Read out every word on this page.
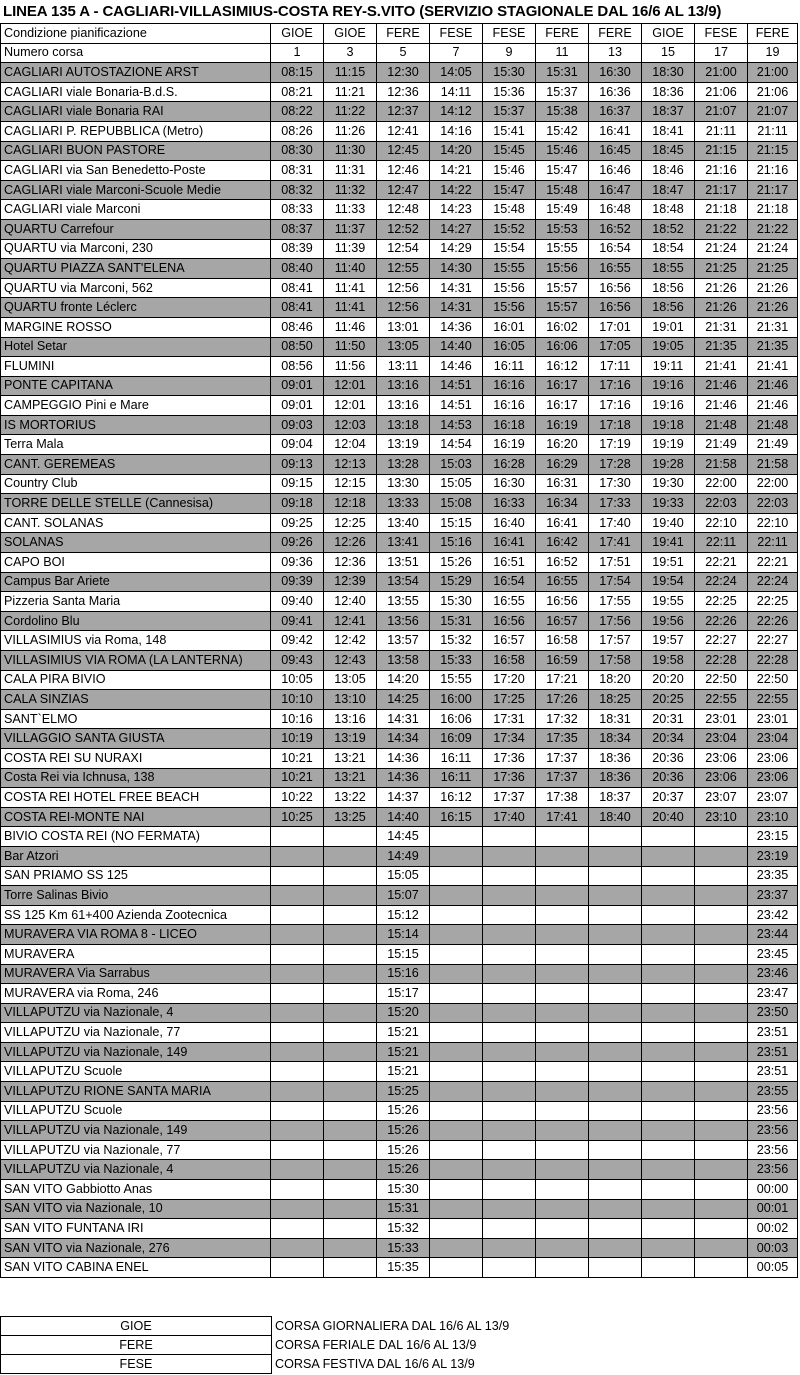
LINEA 135 A - CAGLIARI-VILLASIMIUS-COSTA REY-S.VITO (SERVIZIO STAGIONALE DAL 16/6 AL 13/9)
Condizione pianificazione	GIOE	GIOE	FERE	FESE	FESE	FERE	FERE	GIOE	FESE	FERE
Numero corsa	1	3	5	7	9	11	13	15	17	19
CAGLIARI AUTOSTAZIONE ARST	08:15	11:15	12:30	14:05	15:30	15:31	16:30	18:30	21:00	21:00
CAGLIARI viale Bonaria-B.d.S.	08:21	11:21	12:36	14:11	15:36	15:37	16:36	18:36	21:06	21:06
CAGLIARI viale Bonaria RAI	08:22	11:22	12:37	14:12	15:37	15:38	16:37	18:37	21:07	21:07
CAGLIARI P. REPUBBLICA (Metro)	08:26	11:26	12:41	14:16	15:41	15:42	16:41	18:41	21:11	21:11
CAGLIARI BUON PASTORE	08:30	11:30	12:45	14:20	15:45	15:46	16:45	18:45	21:15	21:15
CAGLIARI via San Benedetto-Poste	08:31	11:31	12:46	14:21	15:46	15:47	16:46	18:46	21:16	21:16
CAGLIARI viale Marconi-Scuole Medie	08:32	11:32	12:47	14:22	15:47	15:48	16:47	18:47	21:17	21:17
CAGLIARI viale Marconi	08:33	11:33	12:48	14:23	15:48	15:49	16:48	18:48	21:18	21:18
QUARTU Carrefour	08:37	11:37	12:52	14:27	15:52	15:53	16:52	18:52	21:22	21:22
QUARTU via Marconi, 230	08:39	11:39	12:54	14:29	15:54	15:55	16:54	18:54	21:24	21:24
QUARTU PIAZZA SANT'ELENA	08:40	11:40	12:55	14:30	15:55	15:56	16:55	18:55	21:25	21:25
QUARTU via Marconi, 562	08:41	11:41	12:56	14:31	15:56	15:57	16:56	18:56	21:26	21:26
QUARTU fronte Léclerc	08:41	11:41	12:56	14:31	15:56	15:57	16:56	18:56	21:26	21:26
MARGINE ROSSO	08:46	11:46	13:01	14:36	16:01	16:02	17:01	19:01	21:31	21:31
Hotel Setar	08:50	11:50	13:05	14:40	16:05	16:06	17:05	19:05	21:35	21:35
FLUMINI	08:56	11:56	13:11	14:46	16:11	16:12	17:11	19:11	21:41	21:41
PONTE CAPITANA	09:01	12:01	13:16	14:51	16:16	16:17	17:16	19:16	21:46	21:46
CAMPEGGIO Pini e Mare	09:01	12:01	13:16	14:51	16:16	16:17	17:16	19:16	21:46	21:46
IS MORTORIUS	09:03	12:03	13:18	14:53	16:18	16:19	17:18	19:18	21:48	21:48
Terra Mala	09:04	12:04	13:19	14:54	16:19	16:20	17:19	19:19	21:49	21:49
CANT. GEREMEAS	09:13	12:13	13:28	15:03	16:28	16:29	17:28	19:28	21:58	21:58
Country Club	09:15	12:15	13:30	15:05	16:30	16:31	17:30	19:30	22:00	22:00
TORRE DELLE STELLE (Cannesisa)	09:18	12:18	13:33	15:08	16:33	16:34	17:33	19:33	22:03	22:03
CANT. SOLANAS	09:25	12:25	13:40	15:15	16:40	16:41	17:40	19:40	22:10	22:10
SOLANAS	09:26	12:26	13:41	15:16	16:41	16:42	17:41	19:41	22:11	22:11
CAPO BOI	09:36	12:36	13:51	15:26	16:51	16:52	17:51	19:51	22:21	22:21
Campus Bar Ariete	09:39	12:39	13:54	15:29	16:54	16:55	17:54	19:54	22:24	22:24
Pizzeria Santa Maria	09:40	12:40	13:55	15:30	16:55	16:56	17:55	19:55	22:25	22:25
Cordolino Blu	09:41	12:41	13:56	15:31	16:56	16:57	17:56	19:56	22:26	22:26
VILLASIMIUS via Roma, 148	09:42	12:42	13:57	15:32	16:57	16:58	17:57	19:57	22:27	22:27
VILLASIMIUS VIA ROMA (LA LANTERNA)	09:43	12:43	13:58	15:33	16:58	16:59	17:58	19:58	22:28	22:28
CALA PIRA BIVIO	10:05	13:05	14:20	15:55	17:20	17:21	18:20	20:20	22:50	22:50
CALA SINZIAS	10:10	13:10	14:25	16:00	17:25	17:26	18:25	20:25	22:55	22:55
SANT`ELMO	10:16	13:16	14:31	16:06	17:31	17:32	18:31	20:31	23:01	23:01
VILLAGGIO SANTA GIUSTA	10:19	13:19	14:34	16:09	17:34	17:35	18:34	20:34	23:04	23:04
COSTA REI SU NURAXI	10:21	13:21	14:36	16:11	17:36	17:37	18:36	20:36	23:06	23:06
Costa Rei via Ichnusa, 138	10:21	13:21	14:36	16:11	17:36	17:37	18:36	20:36	23:06	23:06
COSTA REI HOTEL FREE BEACH	10:22	13:22	14:37	16:12	17:37	17:38	18:37	20:37	23:07	23:07
COSTA REI-MONTE NAI	10:25	13:25	14:40	16:15	17:40	17:41	18:40	20:40	23:10	23:10
BIVIO COSTA REI (NO FERMATA)			14:45							23:15
Bar Atzori			14:49							23:19
SAN PRIAMO SS 125			15:05							23:35
Torre Salinas Bivio			15:07							23:37
SS 125 Km 61+400 Azienda Zootecnica			15:12							23:42
MURAVERA VIA ROMA 8 - LICEO			15:14							23:44
MURAVERA			15:15							23:45
MURAVERA Via Sarrabus			15:16							23:46
MURAVERA via Roma, 246			15:17							23:47
VILLAPUTZU via Nazionale, 4			15:20							23:50
VILLAPUTZU via Nazionale, 77			15:21							23:51
VILLAPUTZU via Nazionale, 149			15:21							23:51
VILLAPUTZU Scuole			15:21							23:51
VILLAPUTZU RIONE SANTA MARIA			15:25							23:55
VILLAPUTZU Scuole			15:26							23:56
VILLAPUTZU via Nazionale, 149			15:26							23:56
VILLAPUTZU via Nazionale, 77			15:26							23:56
VILLAPUTZU via Nazionale, 4			15:26							23:56
SAN VITO Gabbiotto Anas			15:30							00:00
SAN VITO via Nazionale, 10			15:31							00:01
SAN VITO FUNTANA IRI			15:32							00:02
SAN VITO via Nazionale, 276			15:33							00:03
SAN VITO CABINA ENEL			15:35							00:05
GIOE	CORSA GIORNALIERA DAL 16/6 AL 13/9
FERE	CORSA FERIALE DAL 16/6 AL 13/9
FESE	CORSA FESTIVA DAL 16/6 AL 13/9
